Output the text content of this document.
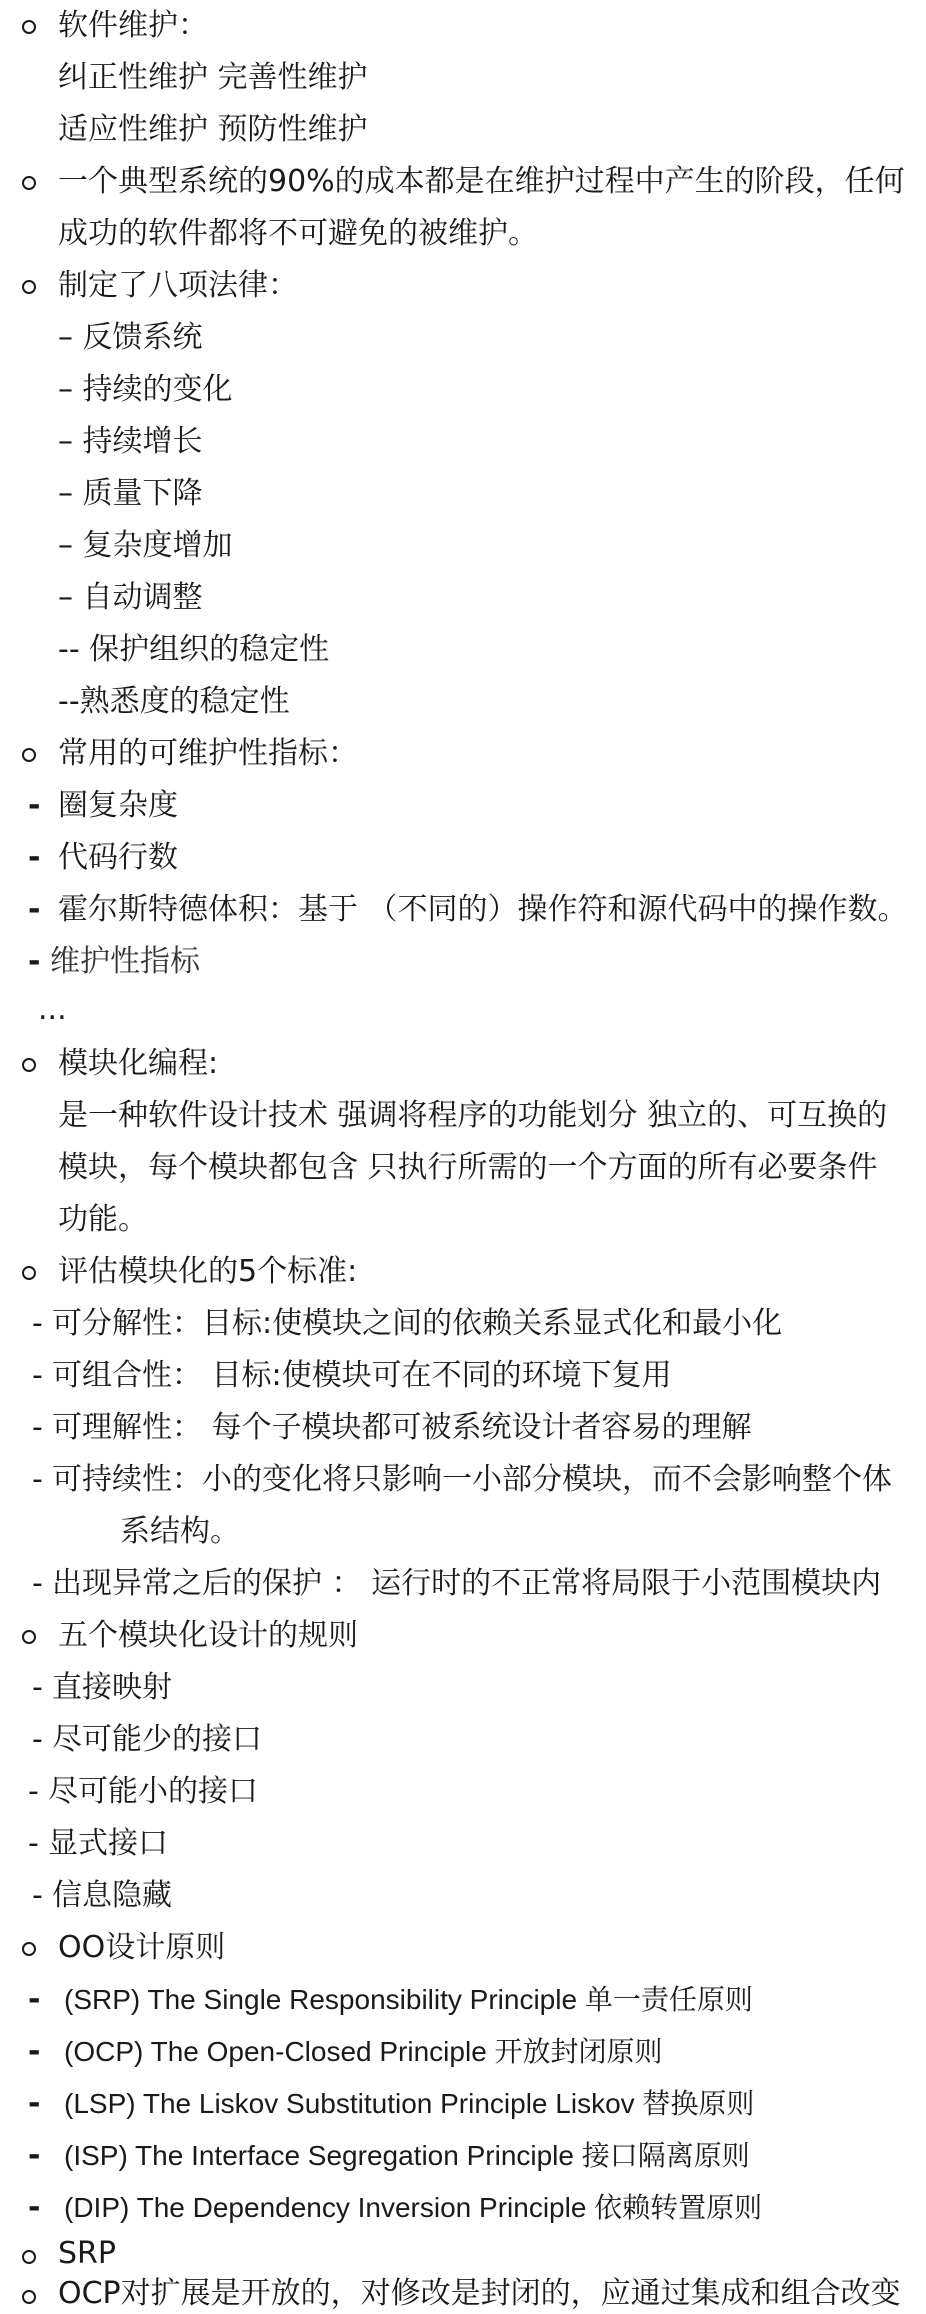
软件维护：
纠正性维护 完善性维护
适应性维护 预防性维护
一个典型系统的90%的成本都是在维护过程中产生的阶段，任何
成功的软件都将不可避免的被维护。
制定了八项法律：
– 反馈系统
– 持续的变化
– 持续增长
– 质量下降
– 复杂度增加
– 自动调整
-- 保护组织的稳定性
--熟悉度的稳定性
常用的可维护性指标：
- 圈复杂度
- 代码行数
- 霍尔斯特德体积：基于 （不同的）操作符和源代码中的操作数。
- 维护性指标
...
模块化编程:
是一种软件设计技术 强调将程序的功能划分 独立的、可互换的
模块，每个模块都包含 只执行所需的一个方面的所有必要条件
功能。
评估模块化的5个标准:
- 可分解性：目标:使模块之间的依赖关系显式化和最小化
- 可组合性： 目标:使模块可在不同的环境下复用
- 可理解性： 每个子模块都可被系统设计者容易的理解
- 可持续性：小的变化将只影响一小部分模块，而不会影响整个体
系结构。
- 出现异常之后的保护 ： 运行时的不正常将局限于小范围模块内
五个模块化设计的规则
- 直接映射
- 尽可能少的接口
- 尽可能小的接口
- 显式接口
- 信息隐藏
OO设计原则
- (SRP) The Single Responsibility Principle 单一责任原则
- (OCP) The Open-Closed Principle 开放封闭原则
- (LSP) The Liskov Substitution Principle Liskov 替换原则
- (ISP) The Interface Segregation Principle 接口隔离原则
- (DIP) The Dependency Inversion Principle 依赖转置原则
SRP
OCP对扩展是开放的，对修改是封闭的，应通过集成和组合改变
